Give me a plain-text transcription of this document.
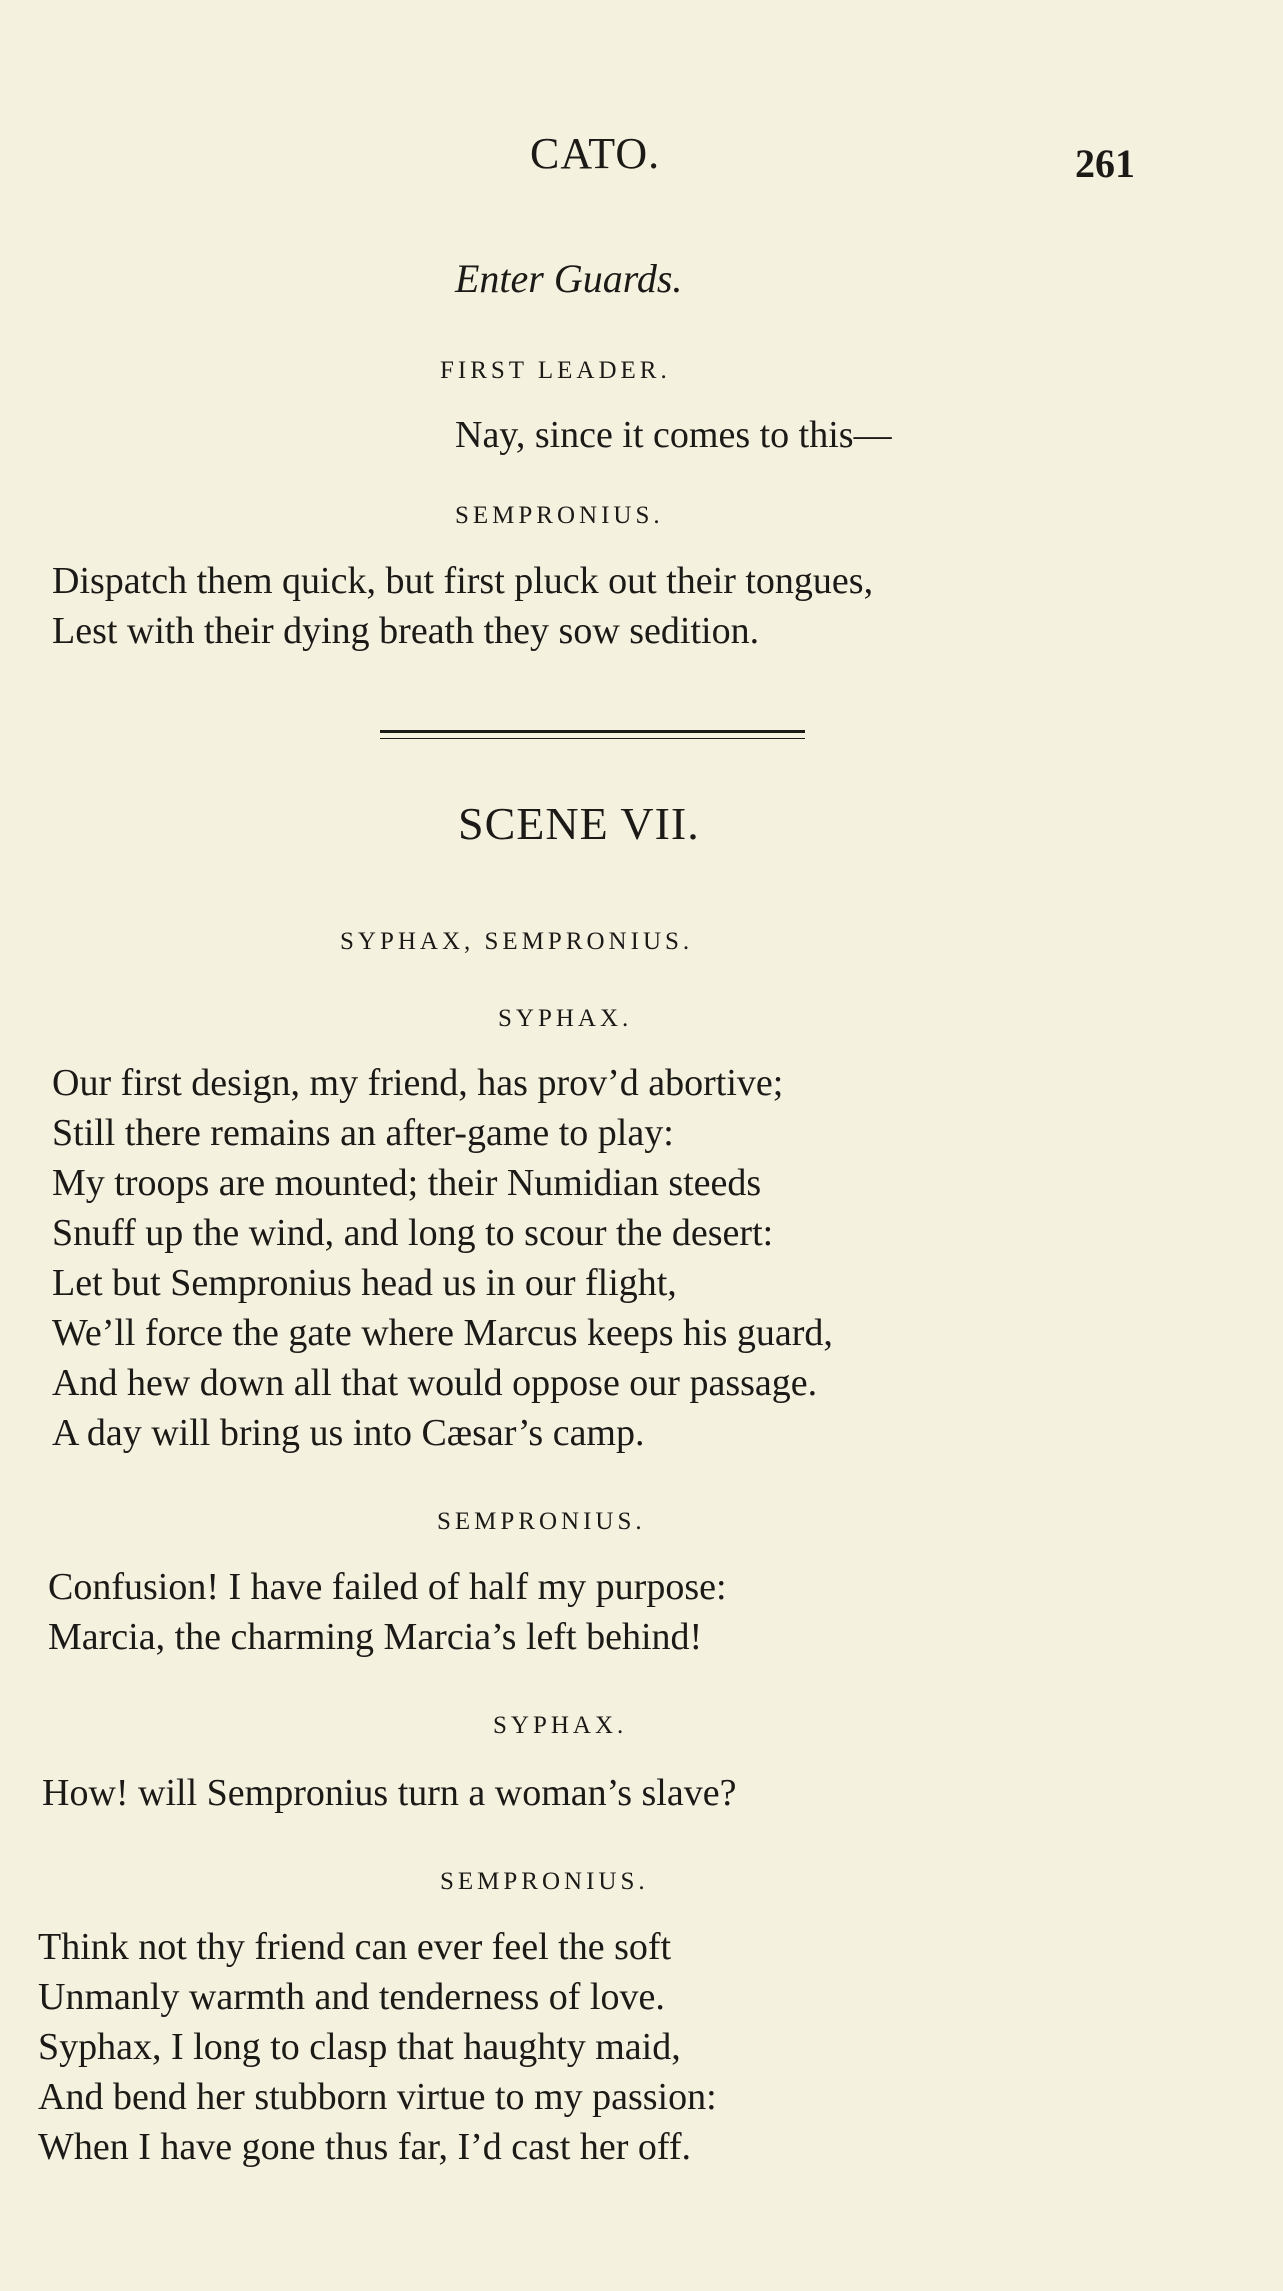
CATO.	261
Enter Guards.
FIRST LEADER.
Nay, since it comes to this—
SEMPRONIUS.
Dispatch them quick, but first pluck out their tongues,
Lest with their dying breath they sow sedition.
SCENE VII.
SYPHAX, SEMPRONIUS.
SYPHAX.
Our first design, my friend, has prov’d abortive;
Still there remains an after-game to play:
My troops are mounted; their Numidian steeds
Snuff up the wind, and long to scour the desert:
Let but Sempronius head us in our flight,
We’ll force the gate where Marcus keeps his guard,
And hew down all that would oppose our passage.
A day will bring us into Cæsar’s camp.
SEMPRONIUS.
Confusion! I have failed of half my purpose:
Marcia, the charming Marcia’s left behind!
SYPHAX.
How! will Sempronius turn a woman’s slave?
SEMPRONIUS.
Think not thy friend can ever feel the soft
Unmanly warmth and tenderness of love.
Syphax, I long to clasp that haughty maid,
And bend her stubborn virtue to my passion:
When I have gone thus far, I’d cast her off.
